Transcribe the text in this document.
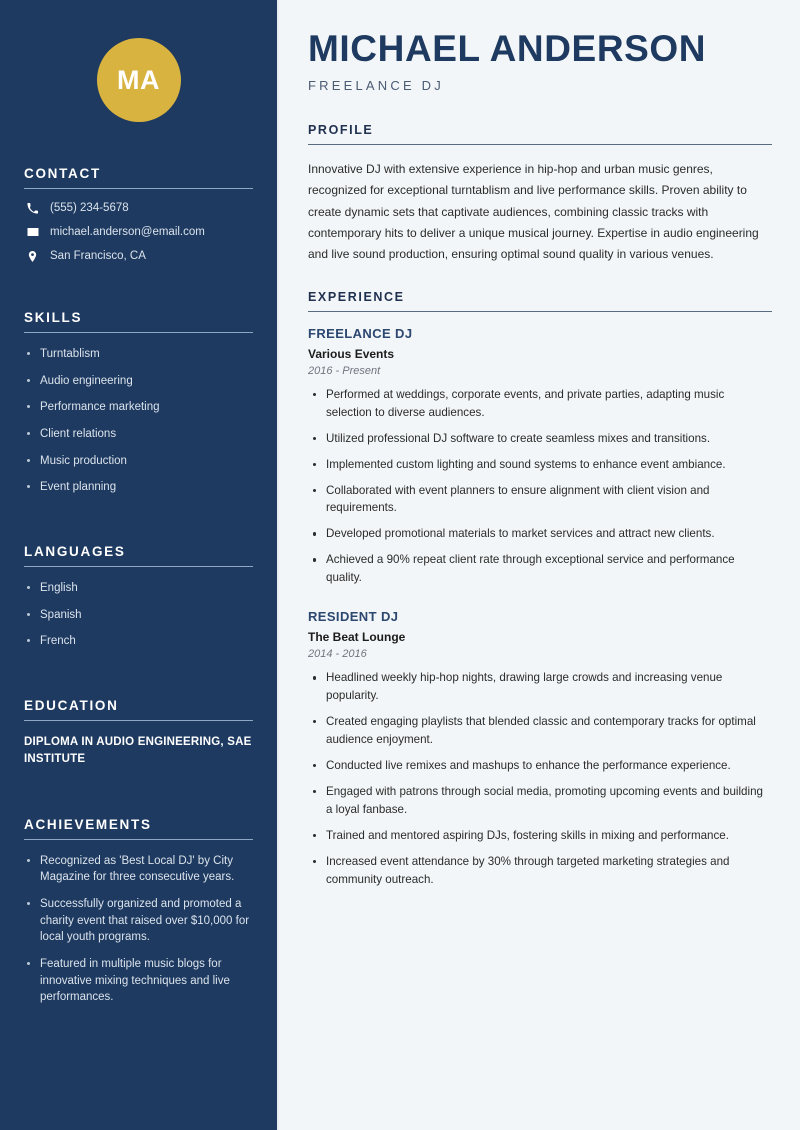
MA
CONTACT
(555) 234-5678
michael.anderson@email.com
San Francisco, CA
SKILLS
Turntablism
Audio engineering
Performance marketing
Client relations
Music production
Event planning
LANGUAGES
English
Spanish
French
EDUCATION
DIPLOMA IN AUDIO ENGINEERING, SAE INSTITUTE
ACHIEVEMENTS
Recognized as 'Best Local DJ' by City Magazine for three consecutive years.
Successfully organized and promoted a charity event that raised over $10,000 for local youth programs.
Featured in multiple music blogs for innovative mixing techniques and live performances.
MICHAEL ANDERSON
FREELANCE DJ
PROFILE

Innovative DJ with extensive experience in hip-hop and urban music genres, recognized for exceptional turntablism and live performance skills. Proven ability to create dynamic sets that captivate audiences, combining classic tracks with contemporary hits to deliver a unique musical journey. Expertise in audio engineering and live sound production, ensuring optimal sound quality in various venues.

EXPERIENCE
FREELANCE DJ
Various Events
2016 - Present
Performed at weddings, corporate events, and private parties, adapting music selection to diverse audiences.
Utilized professional DJ software to create seamless mixes and transitions.
Implemented custom lighting and sound systems to enhance event ambiance.
Collaborated with event planners to ensure alignment with client vision and requirements.
Developed promotional materials to market services and attract new clients.
Achieved a 90% repeat client rate through exceptional service and performance quality.
RESIDENT DJ
The Beat Lounge
2014 - 2016
Headlined weekly hip-hop nights, drawing large crowds and increasing venue popularity.
Created engaging playlists that blended classic and contemporary tracks for optimal audience enjoyment.
Conducted live remixes and mashups to enhance the performance experience.
Engaged with patrons through social media, promoting upcoming events and building a loyal fanbase.
Trained and mentored aspiring DJs, fostering skills in mixing and performance.
Increased event attendance by 30% through targeted marketing strategies and community outreach.
